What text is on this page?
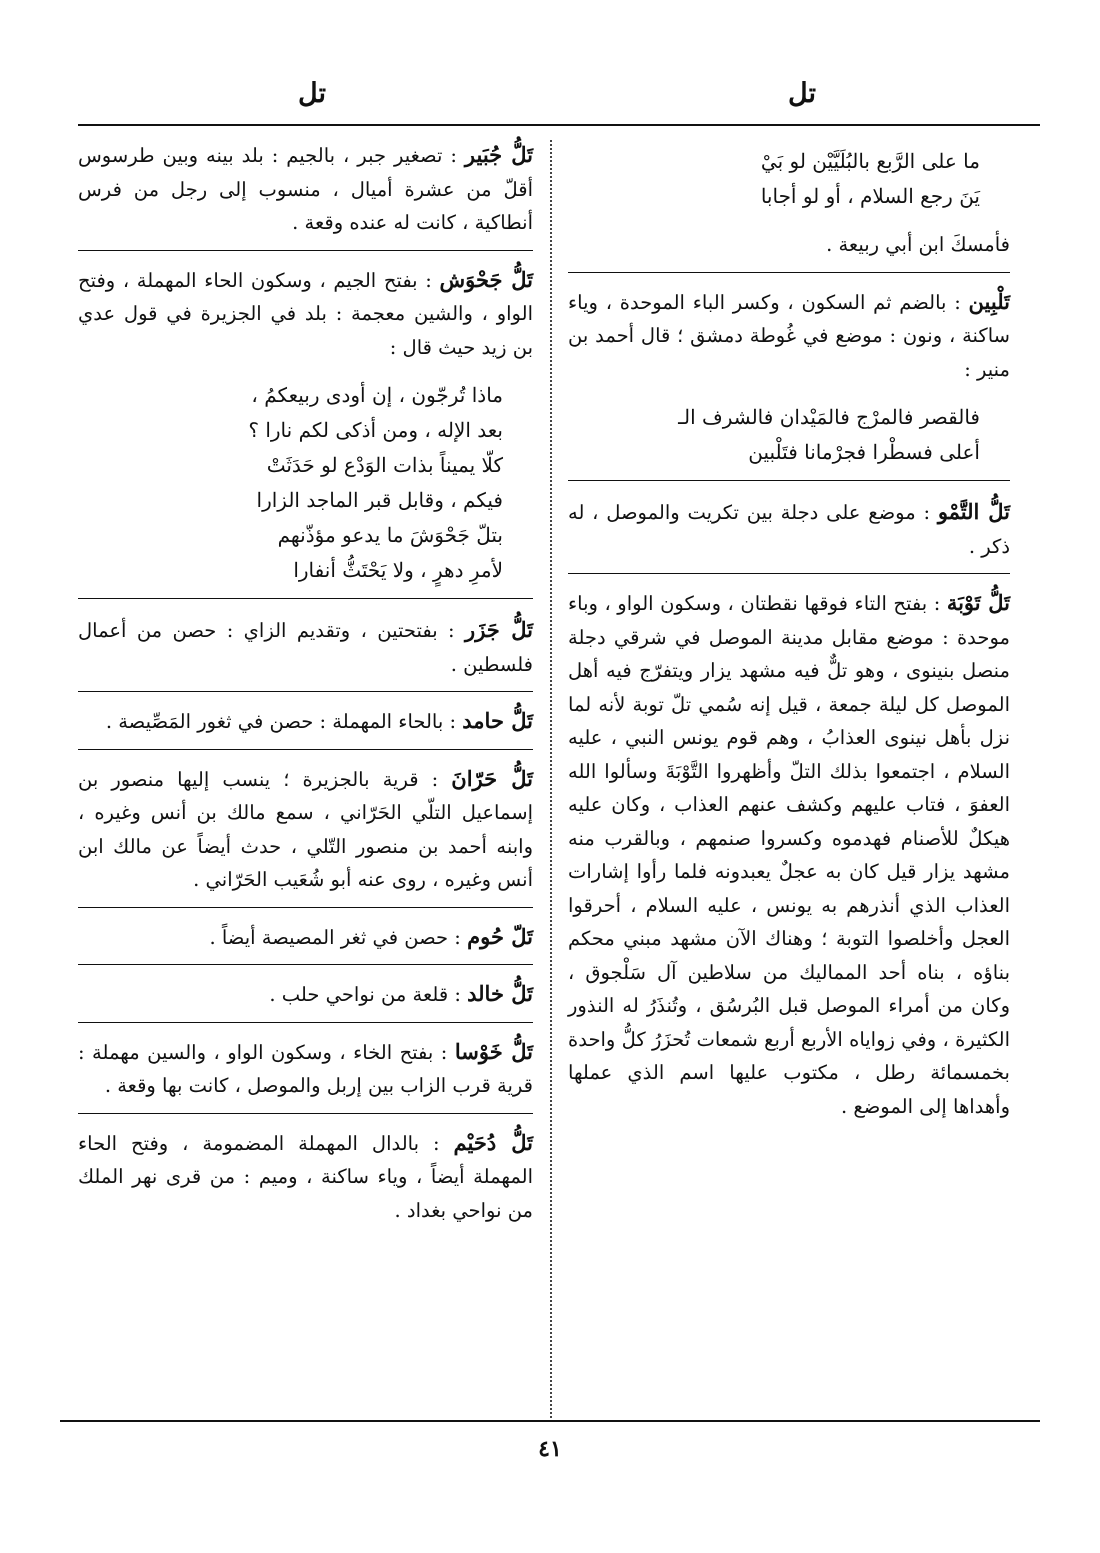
تل
تل
ما على الرَّبع بالبُلَيَّيْن لو بَيْ
يَنَ رجع السلام ، أو لو أجابا

فأمسكَ ابن أبي ربيعة .

تَلْبِين : بالضم ثم السكون ، وكسر الباء الموحدة ، وياء ساكنة ، ونون : موضع في غُوطة دمشق ؛ قال أحمد بن منير :

فالقصر فالمرْج فالمَيْدان فالشرف الـ
أعلى فسطْرا فجرْمانا فتَلْبين

تَلُّ التَّمْو : موضع على دجلة بين تكريت والموصل ، له ذكر .

تَلُّ تَوْبَة : بفتح التاء فوقها نقطتان ، وسكون الواو ، وباء موحدة : موضع مقابل مدينة الموصل في شرقي دجلة منصل بنينوى ، وهو تلٌّ فيه مشهد يزار ويتفرّج فيه أهل الموصل كل ليلة جمعة ، قيل إنه سُمي تلّ توبة لأنه لما نزل بأهل نينوى العذابُ ، وهم قوم يونس النبي ، عليه السلام ، اجتمعوا بذلك التلّ وأظهروا التَّوْبَةَ وسألوا الله العفوَ ، فتاب عليهم وكشف عنهم العذاب ، وكان عليه هيكلٌ للأصنام فهدموه وكسروا صنمهم ، وبالقرب منه مشهد يزار قيل كان به عجلٌ يعبدونه فلما رأوا إشارات العذاب الذي أنذرهم به يونس ، عليه السلام ، أحرقوا العجل وأخلصوا التوبة ؛ وهناك الآن مشهد مبني محكم بناؤه ، بناه أحد المماليك من سلاطين آل سَلْجوق ، وكان من أمراء الموصل قبل البُرسُق ، وتُنذَرُ له النذور الكثيرة ، وفي زواياه الأربع أربع شمعات تُحزَرُ كلُّ واحدة بخمسمائة رطل ، مكتوب عليها اسم الذي عملها وأهداها إلى الموضع .

تَلُّ جُبَير : تصغير جبر ، بالجيم : بلد بينه وبين طرسوس أقلّ من عشرة أميال ، منسوب إلى رجل من فرس أنطاكية ، كانت له عنده وقعة .

تَلُّ جَحْوَش : بفتح الجيم ، وسكون الحاء المهملة ، وفتح الواو ، والشين معجمة : بلد في الجزيرة في قول عدي بن زيد حيث قال :

ماذا تُرجّون ، إن أودى ربيعكمُ ،
بعد الإله ، ومن أذكى لكم نارا ؟
كلّا يميناً بذات الوَدْع لو حَدَثَتْ
فيكم ، وقابل قبر الماجد الزارا
بتلّ جَحْوَشَ ما يدعو مؤذّنهم
لأمرِ دهرٍ ، ولا يَحْتَثُّ أنفارا

تَلُّ جَزَر : بفتحتين ، وتقديم الزاي : حصن من أعمال فلسطين .

تَلُّ حامد : بالحاء المهملة : حصن في ثغور المَصِّيصة .

تَلُّ حَرّانَ : قرية بالجزيرة ؛ ينسب إليها منصور بن إسماعيل التلّي الحَرّاني ، سمع مالك بن أنس وغيره ، وابنه أحمد بن منصور التّلي ، حدث أيضاً عن مالك ابن أنس وغيره ، روى عنه أبو شُعَيب الحَرّاني .

تَلّ حُوم : حصن في ثغر المصيصة أيضاً .

تَلُّ خالد : قلعة من نواحي حلب .

تَلُّ خَوْسا : بفتح الخاء ، وسكون الواو ، والسين مهملة : قرية قرب الزاب بين إربل والموصل ، كانت بها وقعة .

تَلُّ دُحَيْم : بالدال المهملة المضمومة ، وفتح الحاء المهملة أيضاً ، وياء ساكنة ، وميم : من قرى نهر الملك من نواحي بغداد .

٤١
